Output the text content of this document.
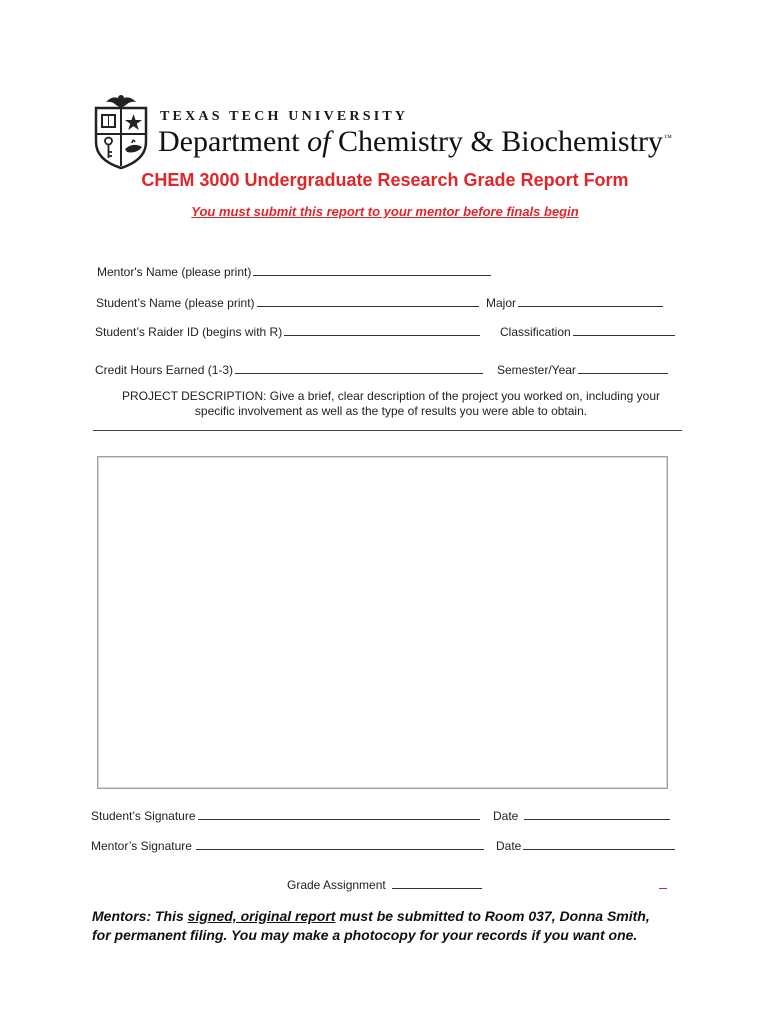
TEXAS TECH UNIVERSITY
Department of Chemistry & Biochemistry™
CHEM 3000 Undergraduate Research Grade Report Form
You must submit this report to your mentor before finals begin
Mentor's Name (please print)
Student’s Name (please print)	Major
Student’s Raider ID (begins with R)	Classification
Credit Hours Earned (1-3)	Semester/Year
PROJECT DESCRIPTION: Give a brief, clear description of the project you worked on, including your
specific involvement as well as the type of results you were able to obtain.
Student’s Signature	Date
Mentor’s Signature	Date
Grade Assignment
Mentors: This signed, original report must be submitted to Room 037, Donna Smith, for permanent filing. You may make a photocopy for your records if you want one.
